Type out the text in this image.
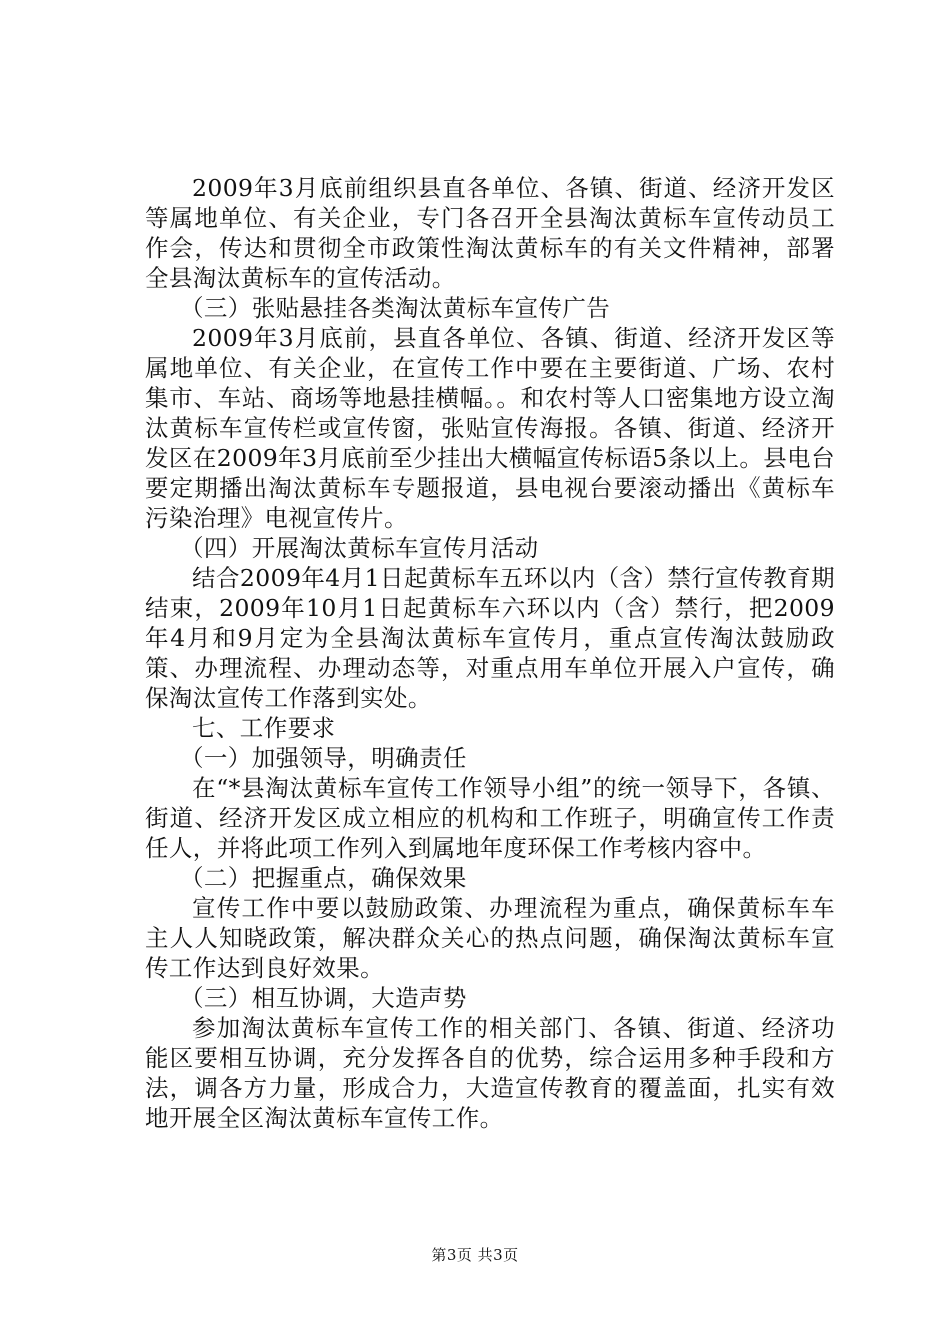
2009年3月底前组织县直各单位、各镇、街道、经济开发区等属地单位、有关企业，专门各召开全县淘汰黄标车宣传动员工作会，传达和贯彻全市政策性淘汰黄标车的有关文件精神，部署全县淘汰黄标车的宣传活动。

（三）张贴悬挂各类淘汰黄标车宣传广告

2009年3月底前，县直各单位、各镇、街道、经济开发区等属地单位、有关企业，在宣传工作中要在主要街道、广场、农村集市、车站、商场等地悬挂横幅。。和农村等人口密集地方设立淘汰黄标车宣传栏或宣传窗，张贴宣传海报。各镇、街道、经济开发区在2009年3月底前至少挂出大横幅宣传标语5条以上。县电台要定期播出淘汰黄标车专题报道，县电视台要滚动播出《黄标车污染治理》电视宣传片。

（四）开展淘汰黄标车宣传月活动

结合2009年4月1日起黄标车五环以内（含）禁行宣传教育期结束，2009年10月1日起黄标车六环以内（含）禁行，把2009年4月和9月定为全县淘汰黄标车宣传月，重点宣传淘汰鼓励政策、办理流程、办理动态等，对重点用车单位开展入户宣传，确保淘汰宣传工作落到实处。

七、工作要求

（一）加强领导，明确责任

在“*县淘汰黄标车宣传工作领导小组”的统一领导下，各镇、街道、经济开发区成立相应的机构和工作班子，明确宣传工作责任人，并将此项工作列入到属地年度环保工作考核内容中。

（二）把握重点，确保效果

宣传工作中要以鼓励政策、办理流程为重点，确保黄标车车主人人知晓政策，解决群众关心的热点问题，确保淘汰黄标车宣传工作达到良好效果。

（三）相互协调，大造声势

参加淘汰黄标车宣传工作的相关部门、各镇、街道、经济功能区要相互协调，充分发挥各自的优势，综合运用多种手段和方法，调各方力量，形成合力，大造宣传教育的覆盖面，扎实有效地开展全区淘汰黄标车宣传工作。

第3页 共3页
